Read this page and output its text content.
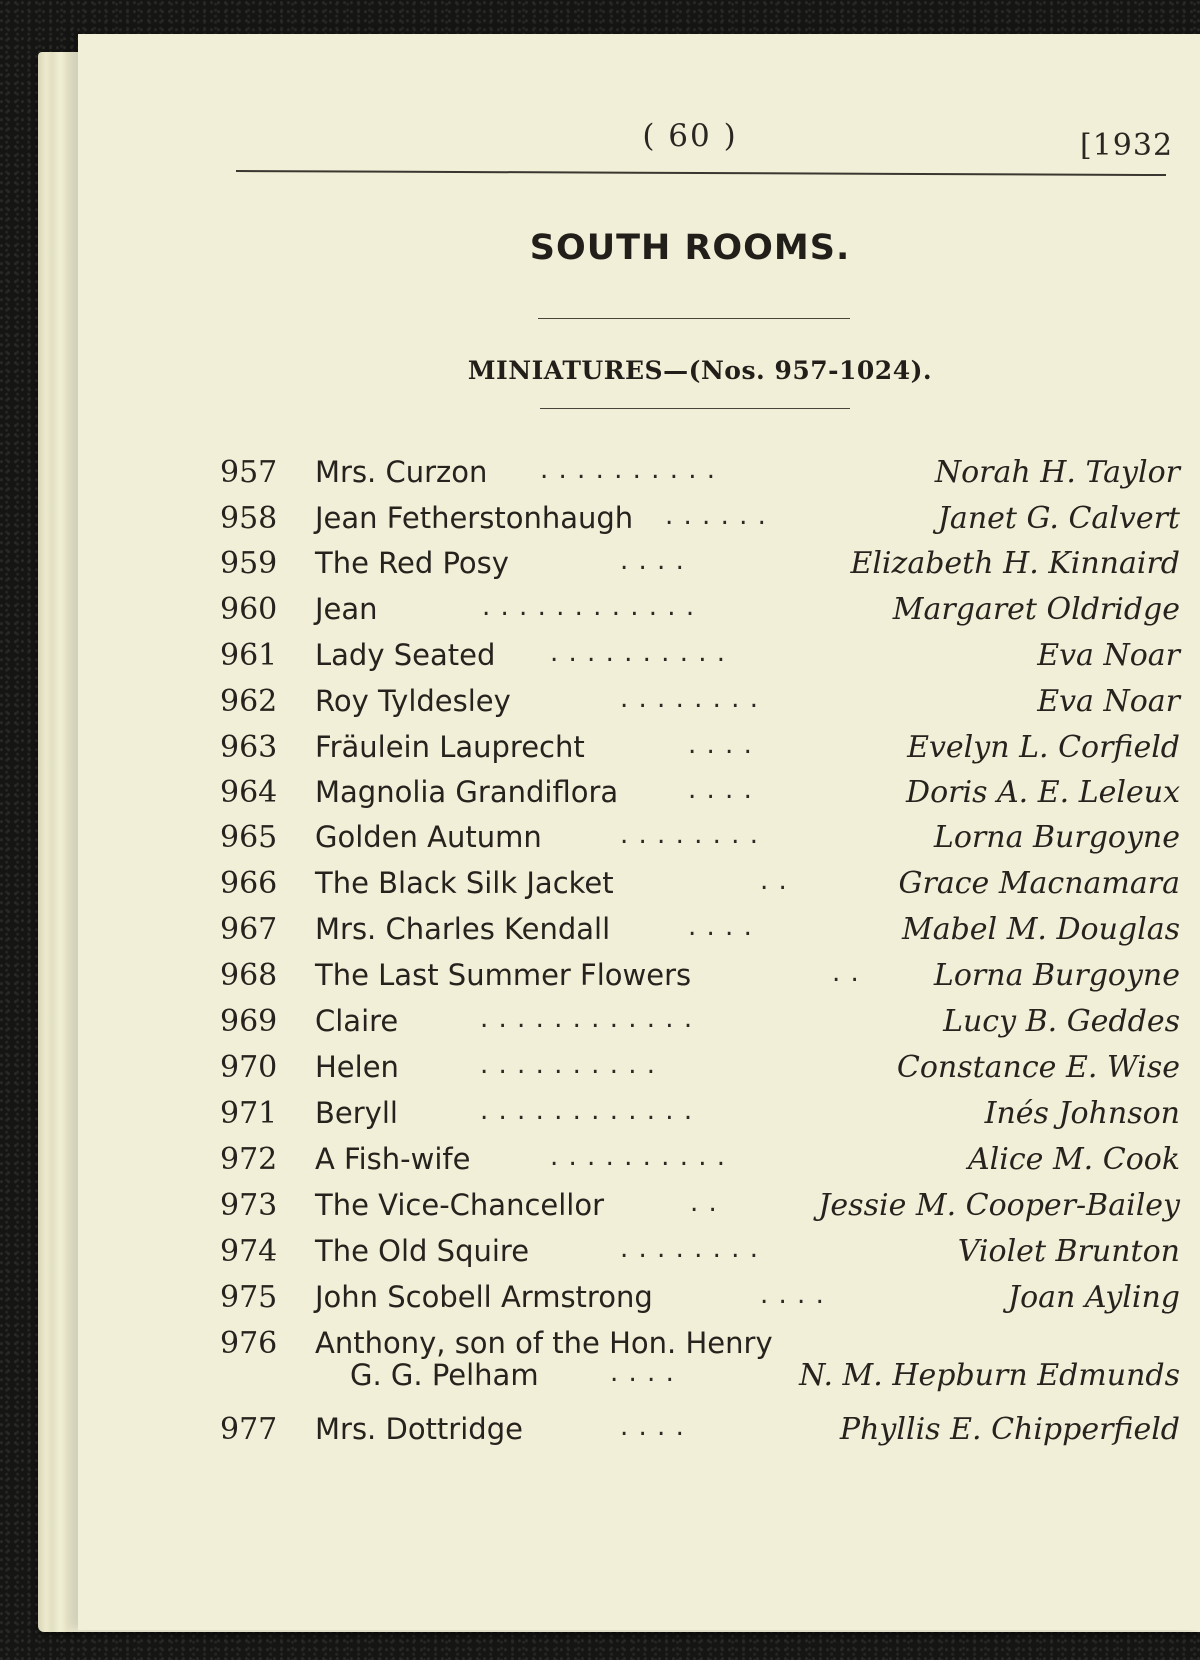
( 60 )	[1932
SOUTH ROOMS.
MINIATURES—(Nos. 957-1024).
957	Mrs. Curzon . . . . . . . . . .	Norah H. Taylor
958	Jean Fetherstonhaugh . . . . . .	Janet G. Calvert
959	The Red Posy	. . . .	Elizabeth H. Kinnaird
960	Jean	. . . . . . . . . . . .	Margaret Oldridge
961	Lady Seated . . . . . . . . . .	Eva Noar
962	Roy Tyldesley	. . . . . . . .	Eva Noar
963	Fräulein Lauprecht	. . . .	Evelyn L. Corfield
964	Magnolia Grandiflora	. . . .	Doris A. E. Leleux
965	Golden Autumn	. . . . . . . .	Lorna Burgoyne
966	The Black Silk Jacket	. .	Grace Macnamara
967	Mrs. Charles Kendall	. . . .	Mabel M. Douglas
968	The Last Summer Flowers	. . Lorna Burgoyne
969	Claire	. . . . . . . . . . . .	Lucy B. Geddes
970	Helen	. . . . . . . . . .	Constance E. Wise
971	Beryll	. . . . . . . . . . . .	Inés Johnson
972	A Fish-wife	. . . . . . . . . .	Alice M. Cook
973	The Vice-Chancellor	. .	Jessie M. Cooper-Bailey
974	The Old Squire	. . . . . . . .	Violet Brunton
975	John Scobell Armstrong	. . . .	Joan Ayling
976	Anthony, son of the Hon. Henry
G. G. Pelham	. . . .	N. M. Hepburn Edmunds
977	Mrs. Dottridge	. . . .	Phyllis E. Chipperfield
